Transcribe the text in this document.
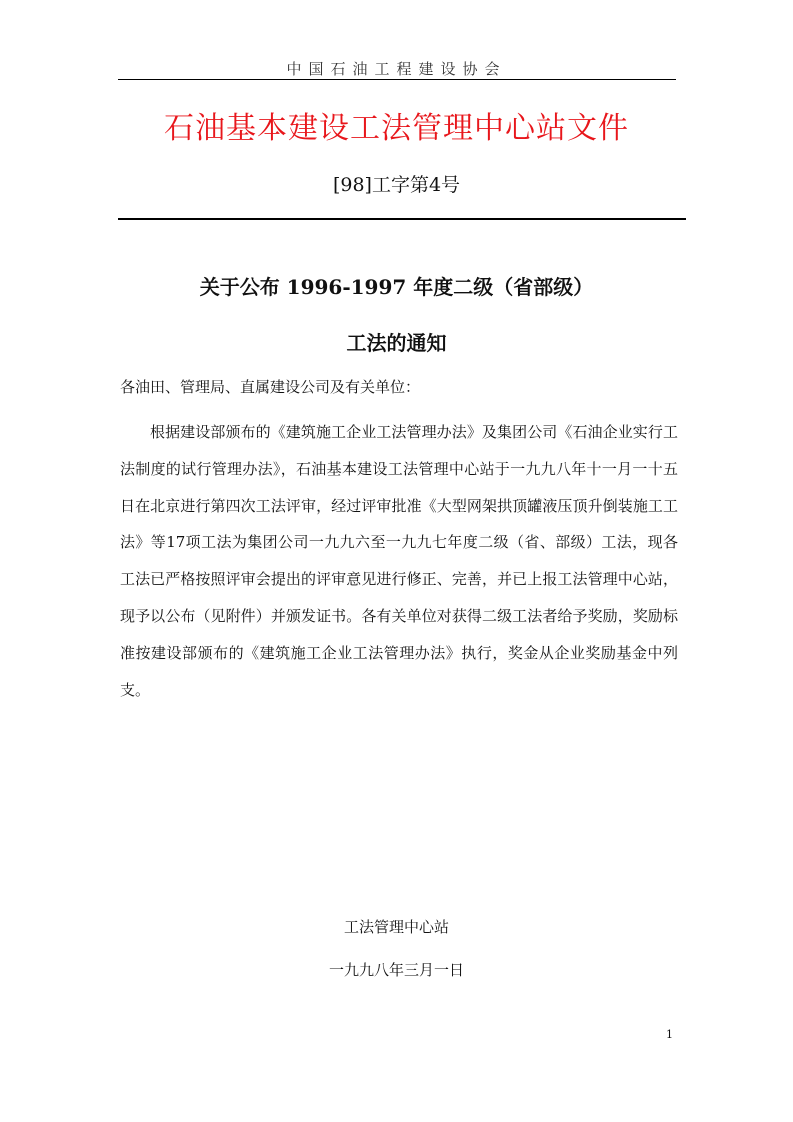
中国石油工程建设协会
石油基本建设工法管理中心站文件
[98]工字第4号
关于公布 1996-1997 年度二级（省部级）
工法的通知
各油田、管理局、直属建设公司及有关单位：
根据建设部颁布的《建筑施工企业工法管理办法》及集团公司《石油企业实行工法制度的试行管理办法》，石油基本建设工法管理中心站于一九九八年十一月一十五日在北京进行第四次工法评审，经过评审批准《大型网架拱顶罐液压顶升倒装施工工法》等17项工法为集团公司一九九六至一九九七年度二级（省、部级）工法，现各工法已严格按照评审会提出的评审意见进行修正、完善，并已上报工法管理中心站，现予以公布（见附件）并颁发证书。各有关单位对获得二级工法者给予奖励，奖励标准按建设部颁布的《建筑施工企业工法管理办法》执行，奖金从企业奖励基金中列支。
工法管理中心站
一九九八年三月一日
1
